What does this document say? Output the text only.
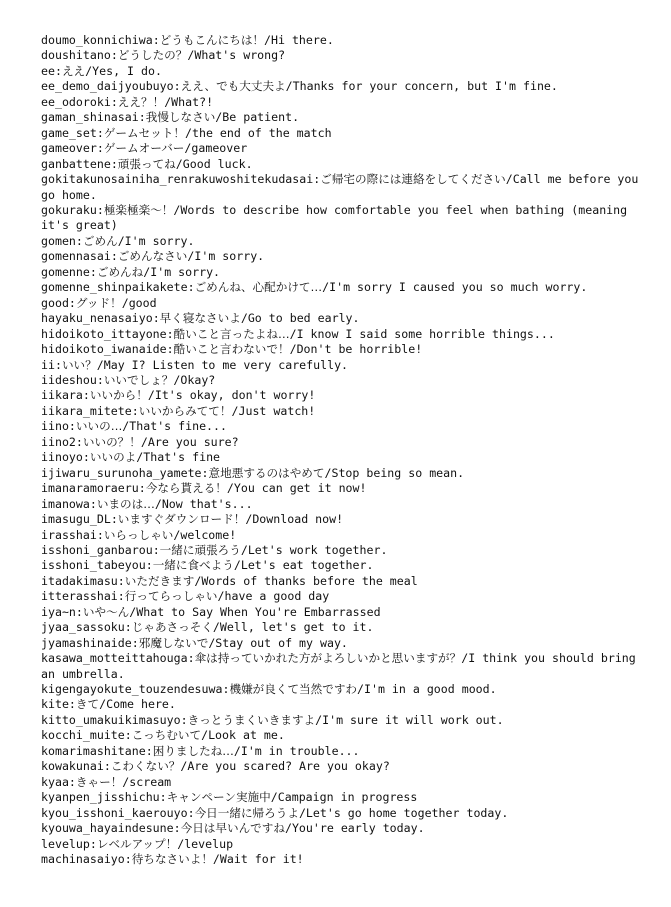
doumo_konnichiwa:どうもこんにちは！/Hi there.
doushitano:どうしたの？/What's wrong?
ee:ええ/Yes, I do.
ee_demo_daijyoubuyo:ええ、でも大丈夫よ/Thanks for your concern, but I'm fine.
ee_odoroki:ええ？！/What?!
gaman_shinasai:我慢しなさい/Be patient.
game_set:ゲームセット！/the end of the match
gameover:ゲームオーバー/gameover
ganbattene:頑張ってね/Good luck.
gokitakunosainiha_renrakuwoshitekudasai:ご帰宅の際には連絡をしてください/Call me before you go home.
gokuraku:極楽極楽～！/Words to describe how comfortable you feel when bathing (meaning it's great)
gomen:ごめん/I'm sorry.
gomennasai:ごめんなさい/I'm sorry.
gomenne:ごめんね/I'm sorry.
gomenne_shinpaikakete:ごめんね、心配かけて…/I'm sorry I caused you so much worry.
good:グッド！/good
hayaku_nenasaiyo:早く寝なさいよ/Go to bed early.
hidoikoto_ittayone:酷いこと言ったよね…/I know I said some horrible things...
hidoikoto_iwanaide:酷いこと言わないで！/Don't be horrible!
ii:いい？/May I? Listen to me very carefully.
iideshou:いいでしょ？/Okay?
iikara:いいから！/It's okay, don't worry!
iikara_mitete:いいからみてて！/Just watch!
iino:いいの…/That's fine...
iino2:いいの？！/Are you sure?
iinoyo:いいのよ/That's fine
ijiwaru_surunoha_yamete:意地悪するのはやめて/Stop being so mean.
imanaramoraeru:今なら貰える！/You can get it now!
imanowa:いまのは…/Now that's...
imasugu_DL:いますぐダウンロード！/Download now!
irasshai:いらっしゃい/welcome!
isshoni_ganbarou:一緒に頑張ろう/Let's work together.
isshoni_tabeyou:一緒に食べよう/Let's eat together.
itadakimasu:いただきます/Words of thanks before the meal
itterasshai:行ってらっしゃい/have a good day
iya~n:いや～ん/What to Say When You're Embarrassed
jyaa_sassoku:じゃあさっそく/Well, let's get to it.
jyamashinaide:邪魔しないで/Stay out of my way.
kasawa_motteittahouga:傘は持っていかれた方がよろしいかと思いますが？/I think you should bring an umbrella.
kigengayokute_touzendesuwa:機嫌が良くて当然ですわ/I'm in a good mood.
kite:きて/Come here.
kitto_umakuikimasuyo:きっとうまくいきますよ/I'm sure it will work out.
kocchi_muite:こっちむいて/Look at me.
komarimashitane:困りましたね…/I'm in trouble...
kowakunai:こわくない？/Are you scared? Are you okay?
kyaa:きゃー！/scream
kyanpen_jisshichu:キャンペーン実施中/Campaign in progress
kyou_isshoni_kaerouyo:今日一緒に帰ろうよ/Let's go home together today.
kyouwa_hayaindesune:今日は早いんですね/You're early today.
levelup:レベルアップ！/levelup
machinasaiyo:待ちなさいよ！/Wait for it!
